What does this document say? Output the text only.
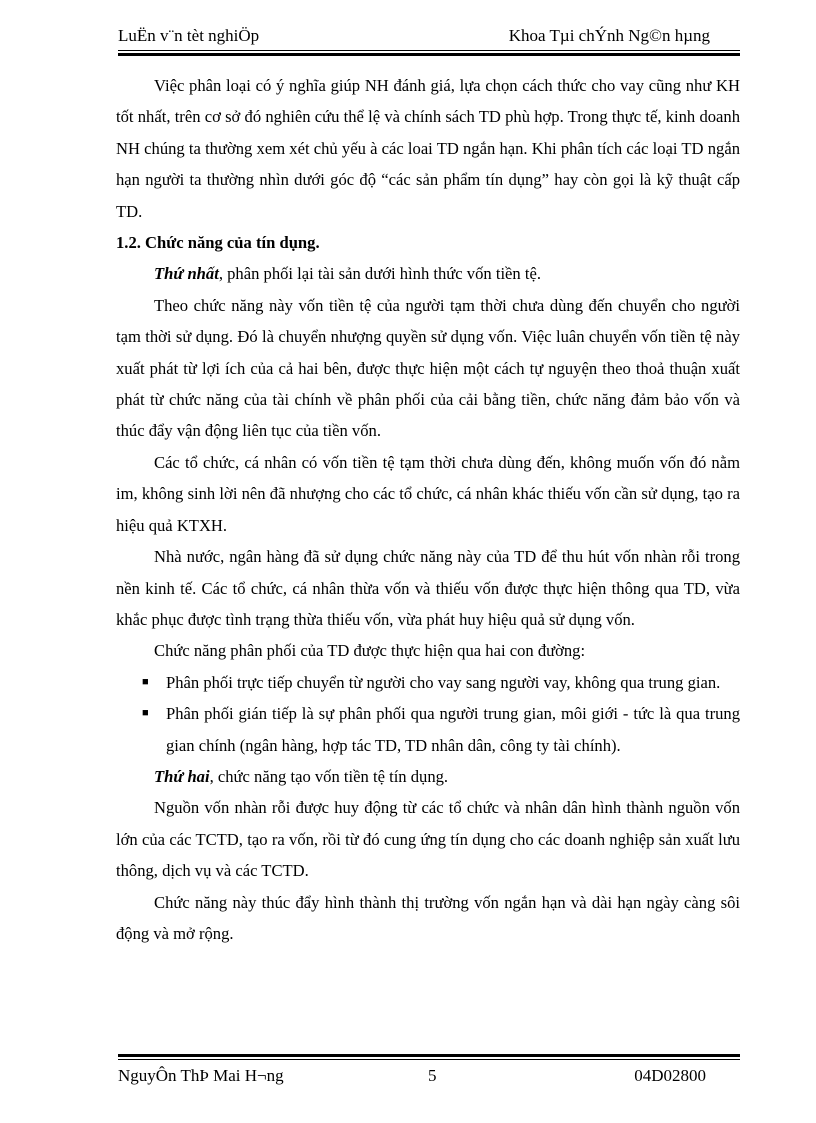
LuËn v¨n tèt nghiÖp	Khoa Tµi chÝnh Ng©n hµng

Việc phân loại có ý nghĩa giúp NH đánh giá, lựa chọn cách thức cho vay cũng như KH tốt nhất, trên cơ sở đó nghiên cứu thể lệ và chính sách TD phù hợp. Trong thực tế, kinh doanh NH chúng ta thường xem xét chủ yếu à các loai TD ngắn hạn. Khi phân tích các loại TD ngắn hạn người ta thường nhìn dưới góc độ “các sản phẩm tín dụng” hay còn gọi là kỹ thuật cấp TD.

1.2. Chức năng của tín dụng.

Thứ nhất, phân phối lại tài sản dưới hình thức vốn tiền tệ.

Theo chức năng này vốn tiền tệ của người tạm thời chưa dùng đến chuyển cho người tạm thời sử dụng. Đó là chuyển nhượng quyền sử dụng vốn. Việc luân chuyển vốn tiền tệ này xuất phát từ lợi ích của cả hai bên, được thực hiện một cách tự nguyện theo thoả thuận xuất phát từ chức năng của tài chính về phân phối của cải bằng tiền, chức năng đảm bảo vốn và thúc đẩy vận động liên tục của tiền vốn.

Các tổ chức, cá nhân có vốn tiền tệ tạm thời chưa dùng đến, không muốn vốn đó nằm im, không sinh lời nên đã nhượng cho các tổ chức, cá nhân khác thiếu vốn cần sử dụng, tạo ra hiệu quả KTXH.

Nhà nước, ngân hàng đã sử dụng chức năng này của TD để thu hút vốn nhàn rỗi trong nền kinh tế. Các tổ chức, cá nhân thừa vốn và thiếu vốn được thực hiện thông qua TD, vừa khắc phục được tình trạng thừa thiếu vốn, vừa phát huy hiệu quả sử dụng vốn.

Chức năng phân phối của TD được thực hiện qua hai con đường:

■ Phân phối trực tiếp chuyển từ người cho vay sang người vay, không qua trung gian.

■ Phân phối gián tiếp là sự phân phối qua người trung gian, môi giới - tức là qua trung gian chính (ngân hàng, hợp tác TD, TD nhân dân, công ty tài chính).

Thứ hai, chức năng tạo vốn tiền tệ tín dụng.

Nguồn vốn nhàn rỗi được huy động từ các tổ chức và nhân dân hình thành nguồn vốn lớn của các TCTD, tạo ra vốn, rồi từ đó cung ứng tín dụng cho các doanh nghiệp sản xuất lưu thông, dịch vụ và các TCTD.

Chức năng này thúc đẩy hình thành thị trường vốn ngắn hạn và dài hạn ngày càng sôi động và mở rộng.

NguyÔn ThÞ Mai H¬ng	5	04D02800
